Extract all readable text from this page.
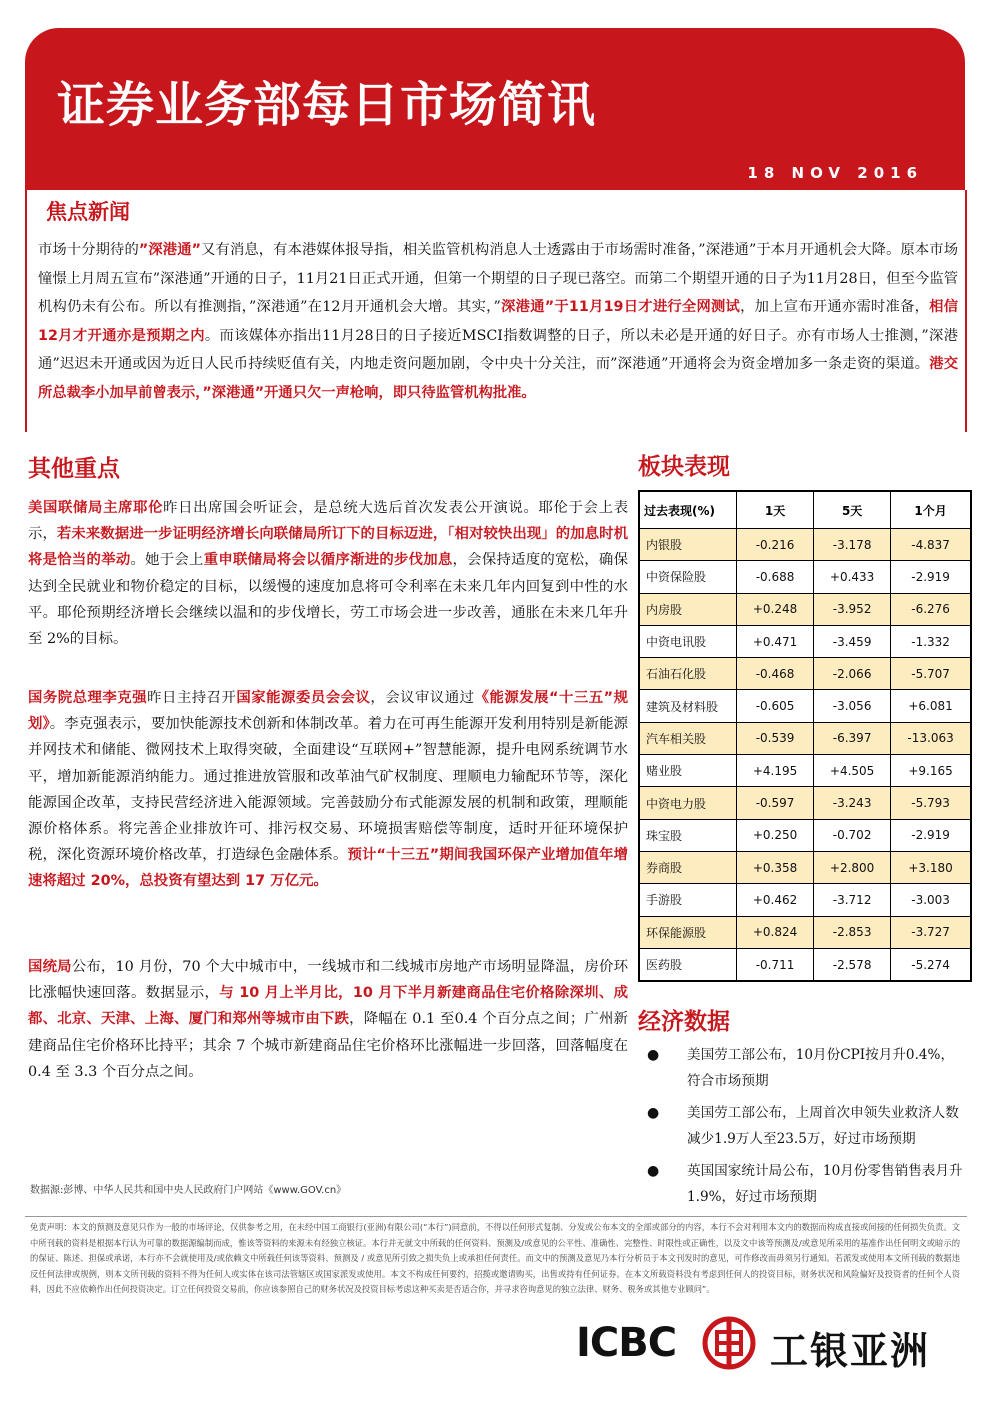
证券业务部每日市场简讯
18 NOV 2016
焦点新闻
市场十分期待的”深港通”又有消息，有本港媒体报导指，相关监管机构消息人士透露由于市场需时准备，”深港通”于本月开通机会大降。原本市场憧憬上月周五宣布”深港通”开通的日子，11月21日正式开通，但第一个期望的日子现已落空。而第二个期望开通的日子为11月28日，但至今监管机构仍未有公布。所以有推测指，”深港通”在12月开通机会大增。其实，”深港通”于11月19日才进行全网测试，加上宣布开通亦需时准备，相信12月才开通亦是预期之内。而该媒体亦指出11月28日的日子接近MSCI指数调整的日子，所以未必是开通的好日子。亦有市场人士推测，”深港通”迟迟未开通或因为近日人民币持续贬值有关，内地走资问题加剧，令中央十分关注，而”深港通”开通将会为资金增加多一条走资的渠道。港交所总裁李小加早前曾表示，”深港通”开通只欠一声枪响，即只待监管机构批准。
其他重点
美国联储局主席耶伦昨日出席国会听证会，是总统大选后首次发表公开演说。耶伦于会上表示，若未来数据进一步证明经济增长向联储局所订下的目标迈进，「相对较快出现」的加息时机将是恰当的举动。她于会上重申联储局将会以循序渐进的步伐加息，会保持适度的宽松，确保达到全民就业和物价稳定的目标，以缓慢的速度加息将可令利率在未来几年内回复到中性的水平。耶伦预期经济增长会继续以温和的步伐增长，劳工市场会进一步改善，通胀在未来几年升至 2%的目标。
国务院总理李克强昨日主持召开国家能源委员会会议，会议审议通过《能源发展“十三五”规划》。李克强表示，要加快能源技术创新和体制改革。着力在可再生能源开发利用特别是新能源并网技术和储能、微网技术上取得突破，全面建设“互联网+”智慧能源，提升电网系统调节水平，增加新能源消纳能力。通过推进放管服和改革油气矿权制度、理顺电力输配环节等，深化能源国企改革，支持民营经济进入能源领域。完善鼓励分布式能源发展的机制和政策，理顺能源价格体系。将完善企业排放许可、排污权交易、环境损害赔偿等制度，适时开征环境保护税，深化资源环境价格改革，打造绿色金融体系。预计“十三五”期间我国环保产业增加值年增速将超过 20%，总投资有望达到 17 万亿元。
国统局公布，10 月份，70 个大中城市中，一线城市和二线城市房地产市场明显降温，房价环比涨幅快速回落。数据显示，与 10 月上半月比，10 月下半月新建商品住宅价格除深圳、成都、北京、天津、上海、厦门和郑州等城市由下跌，降幅在 0.1 至0.4 个百分点之间；广州新建商品住宅价格环比持平；其余 7 个城市新建商品住宅价格环比涨幅进一步回落，回落幅度在 0.4 至 3.3 个百分点之间。
板块表现
过去表现(%)	1天	5天	1个月
内银股	-0.216	-3.178	-4.837
中资保险股	-0.688	+0.433	-2.919
内房股	+0.248	-3.952	-6.276
中资电讯股	+0.471	-3.459	-1.332
石油石化股	-0.468	-2.066	-5.707
建筑及材料股	-0.605	-3.056	+6.081
汽车相关股	-0.539	-6.397	-13.063
赌业股	+4.195	+4.505	+9.165
中资电力股	-0.597	-3.243	-5.793
珠宝股	+0.250	-0.702	-2.919
券商股	+0.358	+2.800	+3.180
手游股	+0.462	-3.712	-3.003
环保能源股	+0.824	-2.853	-3.727
医药股	-0.711	-2.578	-5.274
经济数据
● 美国劳工部公布，10月份CPI按月升0.4%，符合市场预期
● 美国劳工部公布，上周首次申领失业救济人数减少1.9万人至23.5万，好过市场预期
● 英国国家统计局公布，10月份零售销售表月升1.9%，好过市场预期
数据源:彭博、中华人民共和国中央人民政府门户网站《www.GOV.cn》
免责声明：本文的预测及意见只作为一般的市场评论，仅供参考之用，在未经中国工商银行(亚洲)有限公司(“本行”)同意前，不得以任何形式复制、分发或公布本文的全部或部分的内容，本行不会对利用本文内的数据而构成直接或间接的任何损失负责。文中所刊载的资料是根据本行认为可靠的数据源编制而成，惟该等资料的来源未有经独立核证。本行并无就文中所载的任何资料、预测及/或意见的公平性、准确性、完整性、时限性或正确性，以及文中该等预测及/或意见所采用的基准作出任何明文或暗示的的保证、陈述、担保或承诺，本行亦不会就使用及/或依赖文中所载任何该等资料、预测及 / 或意见所引致之损失负上或承担任何责任。而文中的预测及意见乃本行分析员于本文刊发时的意见，可作修改而毋须另行通知。若派发或使用本文所刊载的数据违反任何法律或规例，则本文所刊载的资料不得为任何人或实体在该司法管辖区或国家派发或使用。本文不构成任何要约，招揽或邀请购买，出售或持有任何证券。在本文所载资料没有考虑到任何人的投资目标，财务状况和风险偏好及投资者的任何个人资料，因此不应依赖作出任何投资决定。订立任何投资交易前，你应该参照自己的财务状况及投资目标考虑这种买卖是否适合你，并寻求咨询意见的独立法律、财务、税务或其他专业顾问”。
ICBC 工银亚洲
